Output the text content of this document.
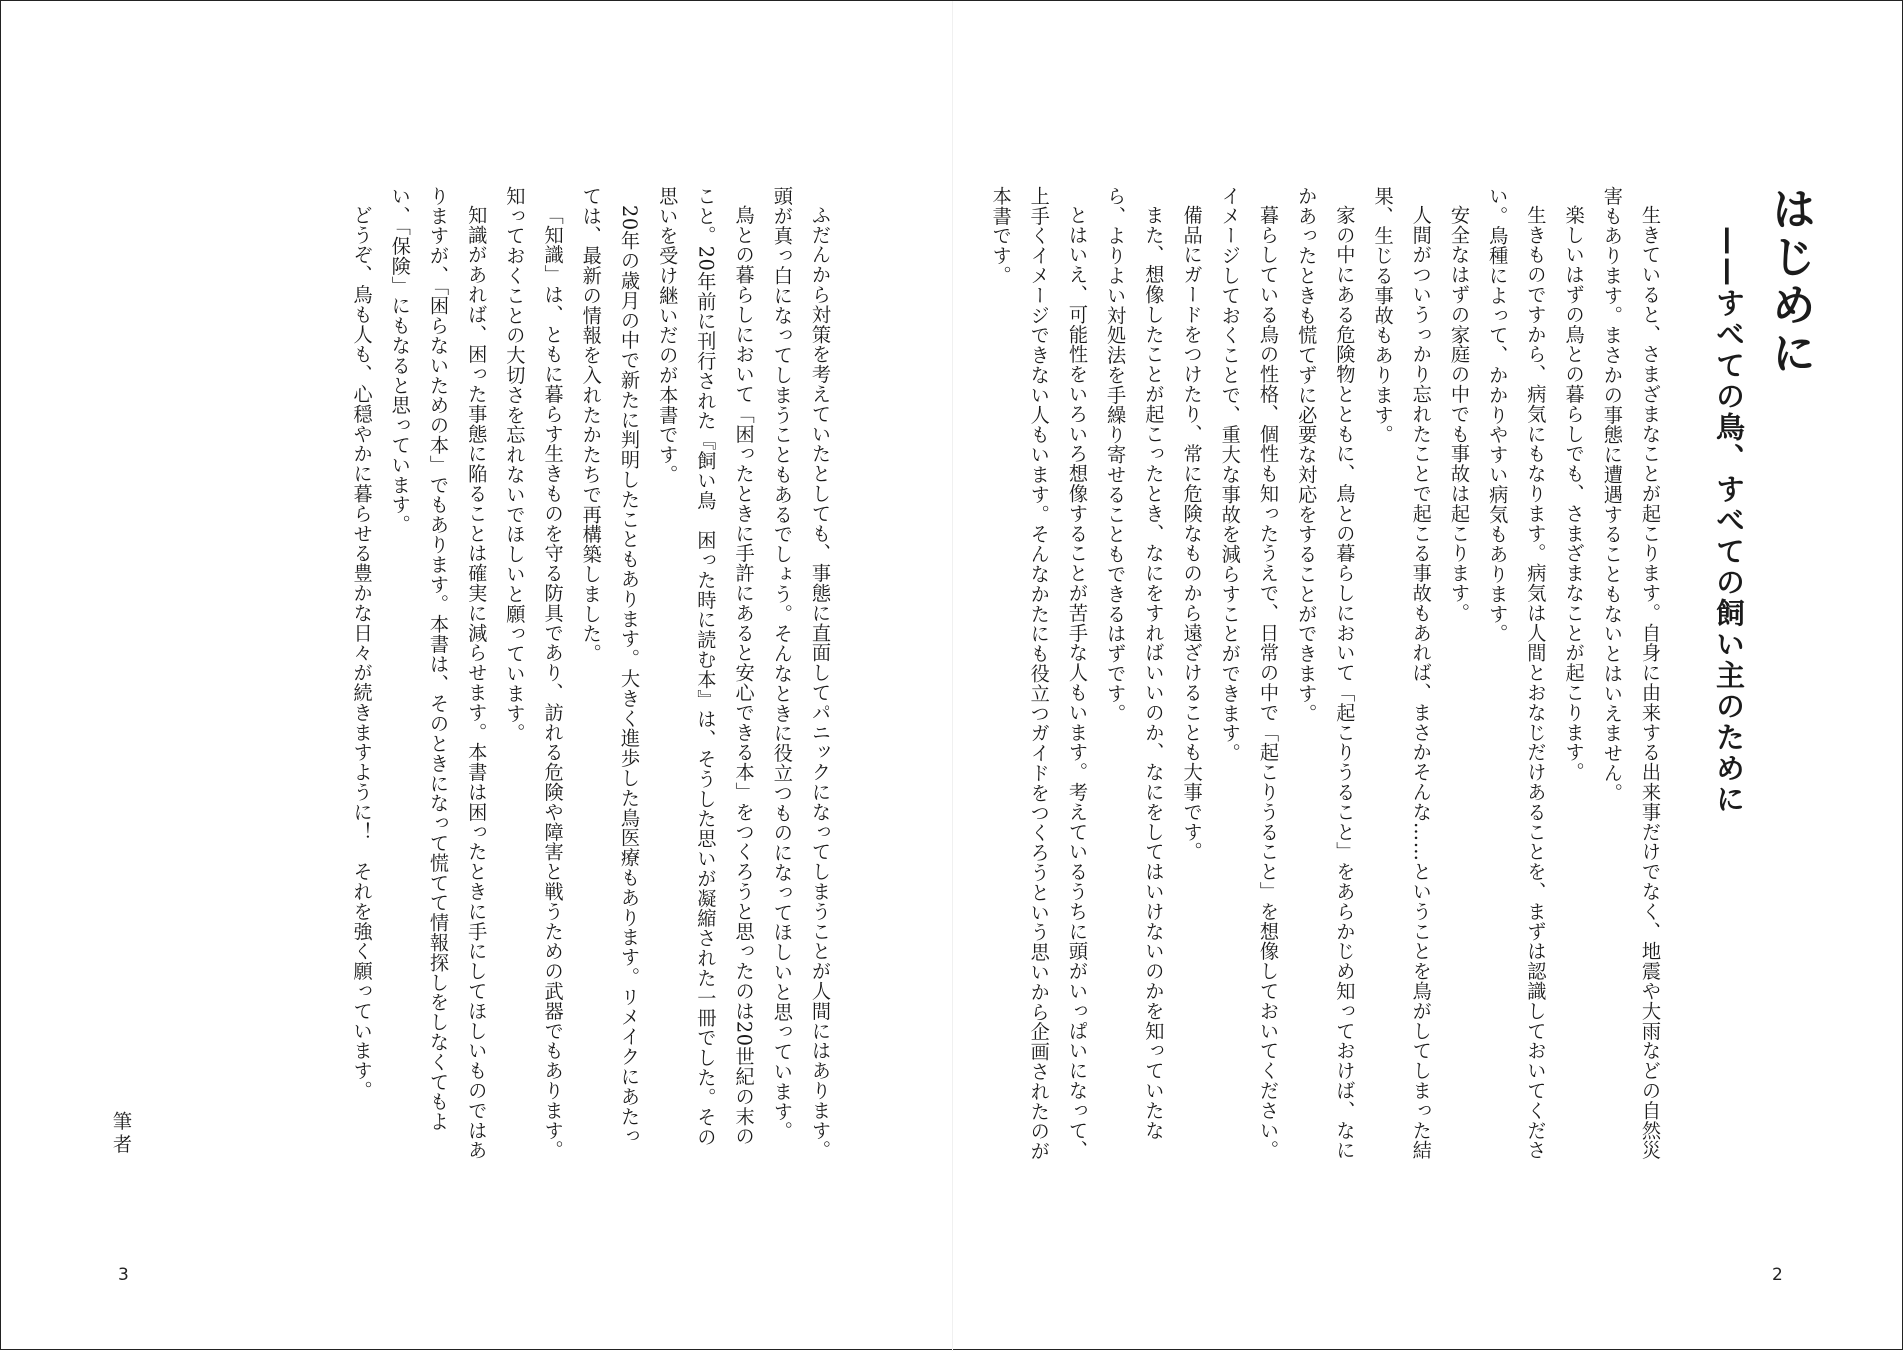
はじめに
——すべての鳥、すべての飼い主のために

生きていると、さまざまなことが起こります。自身に由来する出来事だけでなく、地震や大雨などの自然災害もあります。まさかの事態に遭遇することもないとはいえません。

楽しいはずの鳥との暮らしでも、さまざまなことが起こります。

生きものですから、病気にもなります。病気は人間とおなじだけあることを、まずは認識しておいてください。鳥種によって、かかりやすい病気もあります。

安全なはずの家庭の中でも事故は起こります。

人間がついうっかり忘れたことで起こる事故もあれば、まさかそんな……ということを鳥がしてしまった結果、生じる事故もあります。

家の中にある危険物とともに、鳥との暮らしにおいて「起こりうること」をあらかじめ知っておけば、なにかあったときも慌てずに必要な対応をすることができます。

暮らしている鳥の性格、個性も知ったうえで、日常の中で「起こりうること」を想像しておいてください。イメージしておくことで、重大な事故を減らすことができます。

備品にガードをつけたり、常に危険なものから遠ざけることも大事です。

また、想像したことが起こったとき、なにをすればいいのか、なにをしてはいけないのかを知っていたなら、よりよい対処法を手繰り寄せることもできるはずです。

とはいえ、可能性をいろいろ想像することが苦手な人もいます。考えているうちに頭がいっぱいになって、上手くイメージできない人もいます。そんなかたにも役立つガイドをつくろうという思いから企画されたのが本書です。

ふだんから対策を考えていたとしても、事態に直面してパニックになってしまうことが人間にはあります。頭が真っ白になってしまうこともあるでしょう。そんなときに役立つものになってほしいと思っています。

鳥との暮らしにおいて「困ったときに手許にあると安心できる本」をつくろうと思ったのは20世紀の末のこと。20年前に刊行された『飼い鳥　困った時に読む本』は、そうした思いが凝縮された一冊でした。その思いを受け継いだのが本書です。

20年の歳月の中で新たに判明したこともあります。大きく進歩した鳥医療もあります。リメイクにあたっては、最新の情報を入れたかたちで再構築しました。

「知識」は、ともに暮らす生きものを守る防具であり、訪れる危険や障害と戦うための武器でもあります。知っておくことの大切さを忘れないでほしいと願っています。

知識があれば、困った事態に陥ることは確実に減らせます。本書は困ったときに手にしてほしいものではありますが、「困らないための本」でもあります。本書は、そのときになって慌てて情報探しをしなくてもよい、「保険」にもなると思っています。

どうぞ、鳥も人も、心穏やかに暮らせる豊かな日々が続きますように！　それを強く願っています。

筆者
3	2
